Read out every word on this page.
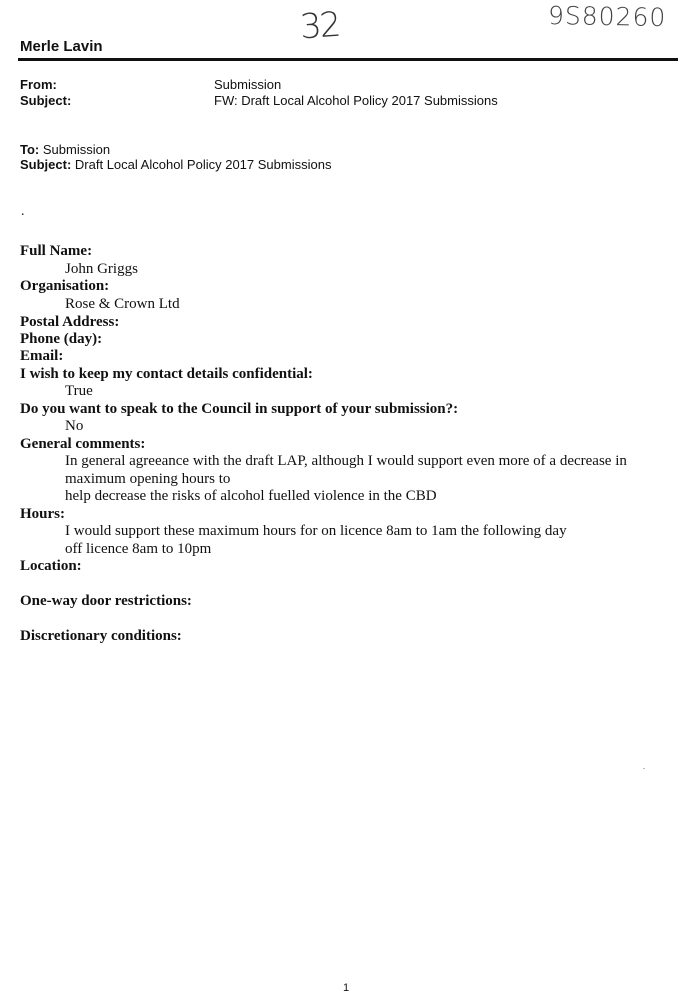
32	9S80260
Merle Lavin
From:	Submission
Subject:	FW: Draft Local Alcohol Policy 2017 Submissions
To: Submission
Subject: Draft Local Alcohol Policy 2017 Submissions
.
Full Name:
John Griggs
Organisation:
Rose & Crown Ltd
Postal Address:
Phone (day):
Email:
I wish to keep my contact details confidential:
True
Do you want to speak to the Council in support of your submission?:
No
General comments:
In general agreeance with the draft LAP, although I would support even more of a decrease in
maximum opening hours to
help decrease the risks of alcohol fuelled violence in the CBD
Hours:
I would support these maximum hours for on licence 8am to 1am the following day
off licence 8am to 10pm
Location:
One-way door restrictions:
Discretionary conditions:
1
